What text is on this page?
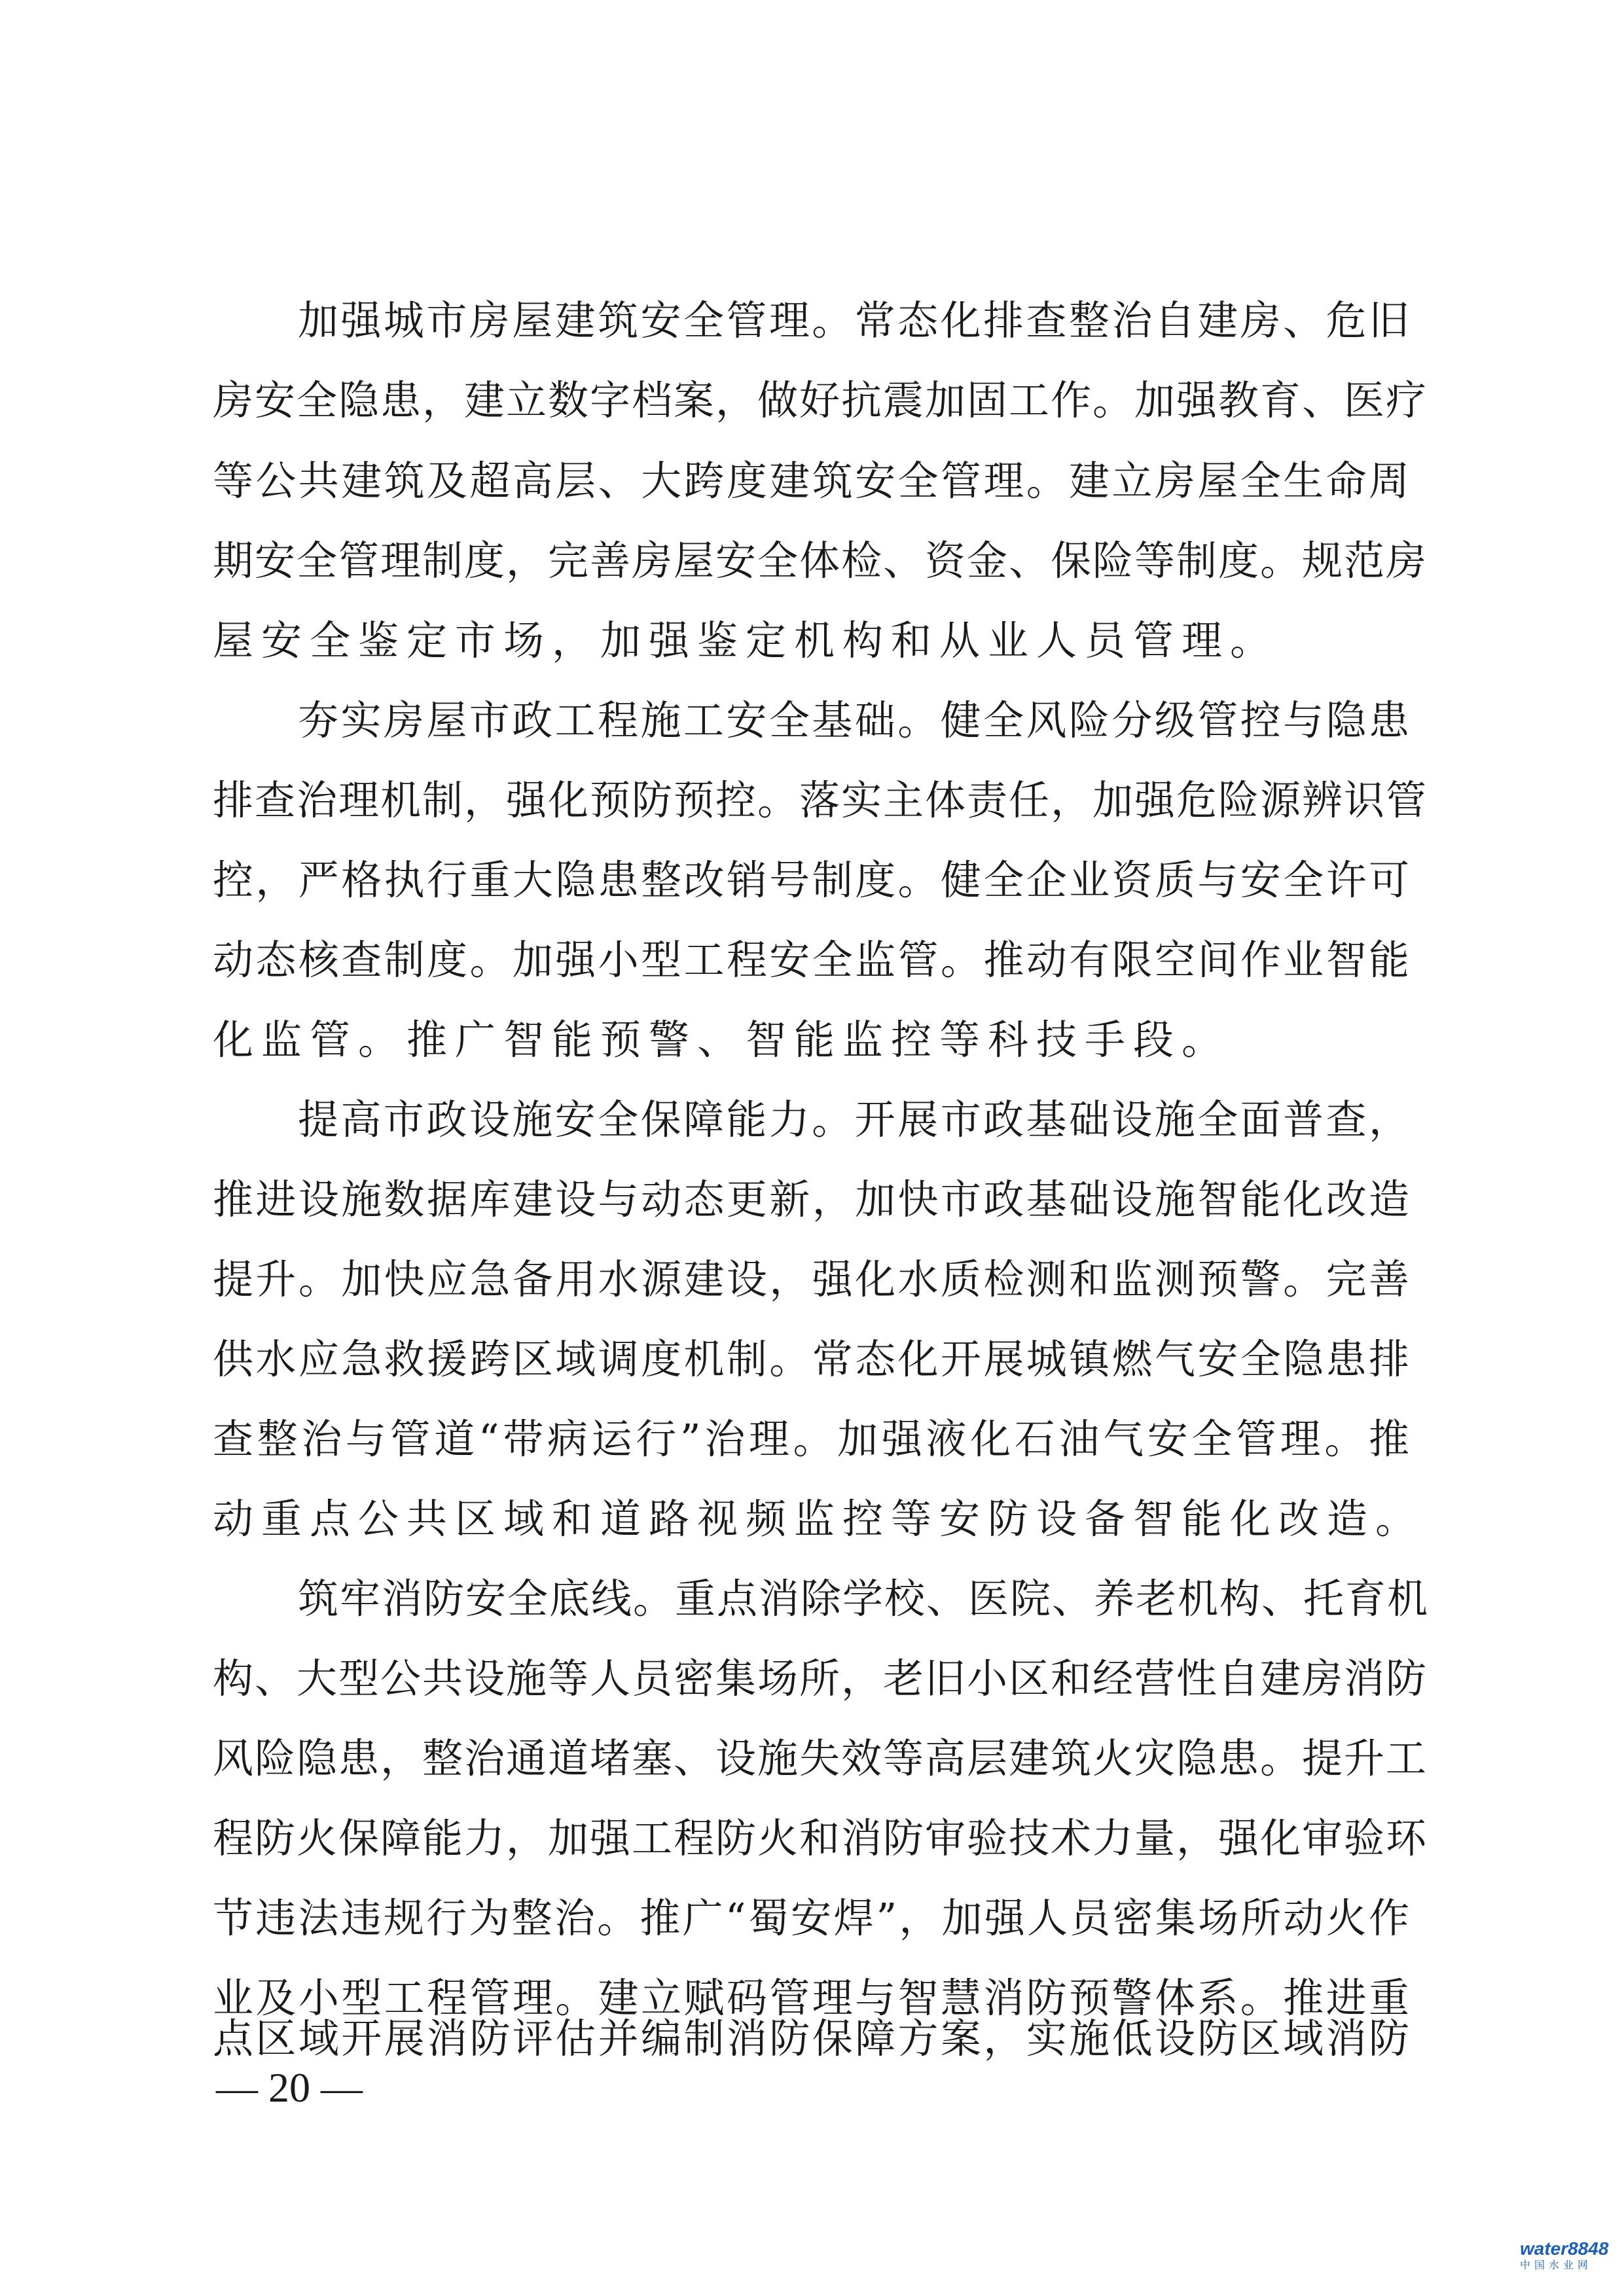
加强城市房屋建筑安全管理。常态化排查整治自建房、危旧
房安全隐患，建立数字档案，做好抗震加固工作。加强教育、医疗
等公共建筑及超高层、大跨度建筑安全管理。建立房屋全生命周
期安全管理制度，完善房屋安全体检、资金、保险等制度。规范房
屋安全鉴定市场，加强鉴定机构和从业人员管理。
夯实房屋市政工程施工安全基础。健全风险分级管控与隐患
排查治理机制，强化预防预控。落实主体责任，加强危险源辨识管
控，严格执行重大隐患整改销号制度。健全企业资质与安全许可
动态核查制度。加强小型工程安全监管。推动有限空间作业智能
化监管。推广智能预警、智能监控等科技手段。
提高市政设施安全保障能力。开展市政基础设施全面普查，
推进设施数据库建设与动态更新，加快市政基础设施智能化改造
提升。加快应急备用水源建设，强化水质检测和监测预警。完善
供水应急救援跨区域调度机制。常态化开展城镇燃气安全隐患排
查整治与管道“带病运行”治理。加强液化石油气安全管理。推
动重点公共区域和道路视频监控等安防设备智能化改造。
筑牢消防安全底线。重点消除学校、医院、养老机构、托育机
构、大型公共设施等人员密集场所，老旧小区和经营性自建房消防
风险隐患，整治通道堵塞、设施失效等高层建筑火灾隐患。提升工
程防火保障能力，加强工程防火和消防审验技术力量，强化审验环
节违法违规行为整治。推广“蜀安焊”，加强人员密集场所动火作
业及小型工程管理。建立赋码管理与智慧消防预警体系。推进重
点区域开展消防评估并编制消防保障方案，实施低设防区域消防
— 20 —
water8848
中国水业网
